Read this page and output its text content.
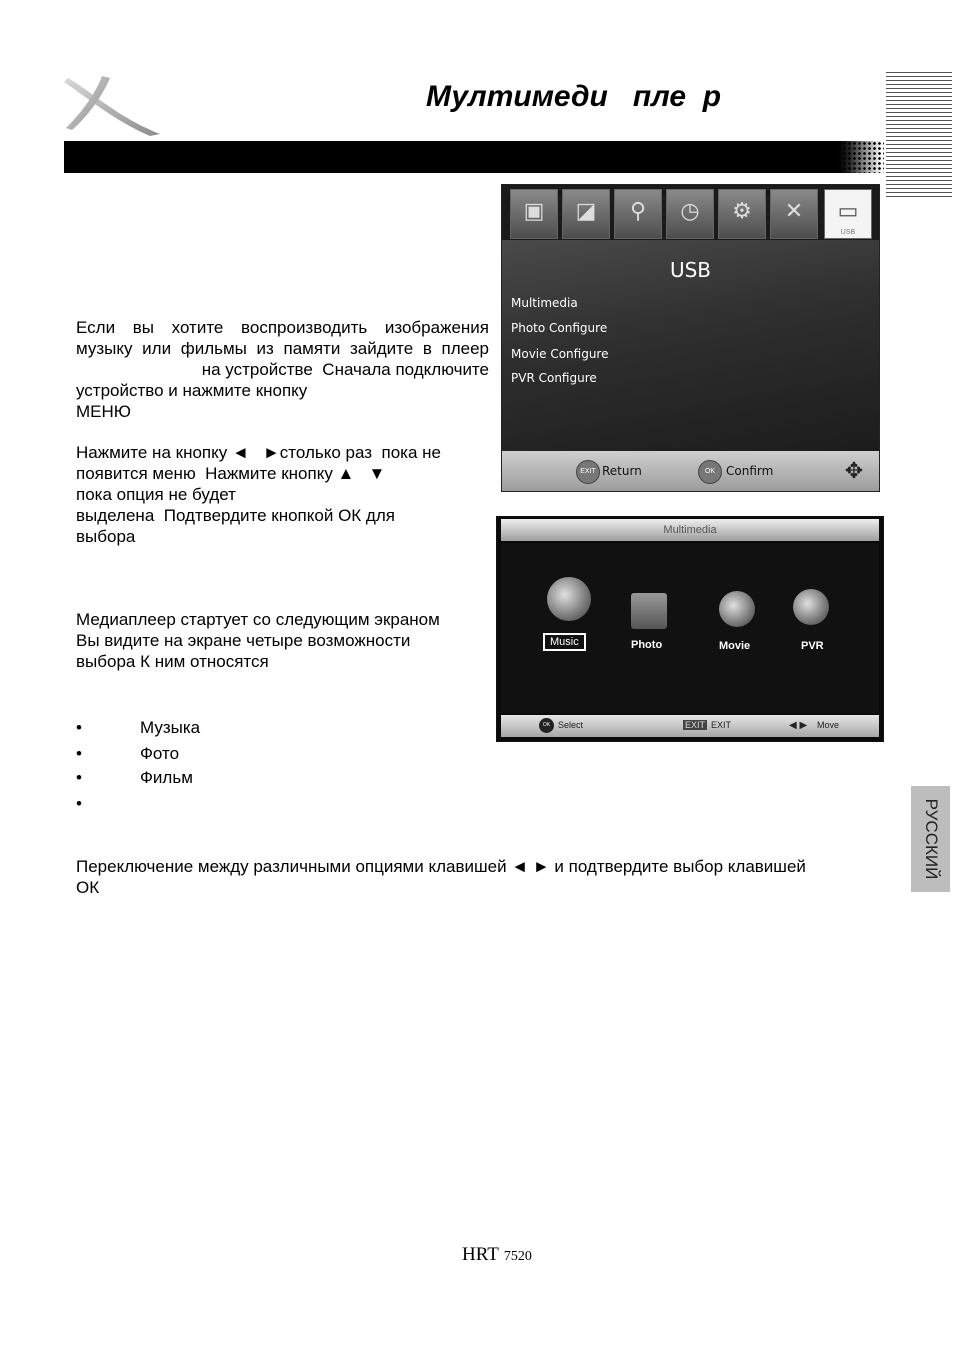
Мултимеди   пле  р
Если вы хотите воспроизводить изображения
музыку или фильмы из памяти зайдите в плеер
на устройстве  Сначала подключите
устройство и нажмите кнопку
МЕНЮ
Нажмите на кнопку ◄   ►столько раз  пока не
появится меню  Нажмите кнопку ▲   ▼
пока опция не будет
выделена  Подтвердите кнопкой ОК для
выбора
Медиаплеер стартует со следующим экраном
Вы видите на экране четыре возможности
выбора К ним относятся
•	Музыка
•	Фото
•	Фильм
•
Переключение между различными опциями клавишей ◄ ► и подтвердите выбор клавишей
ОК
▣	◪	⚲	◷	⚙	✕	▭
USB
USB
Multimedia
Photo Configure
Movie Configure
PVR Configure
EXIT Return	OK Confirm	✥
Multimedia
Music	Photo	Movie	PVR
OK Select	EXIT EXIT	◀ ▶ Move
РУССКИЙ
HRT 7520
